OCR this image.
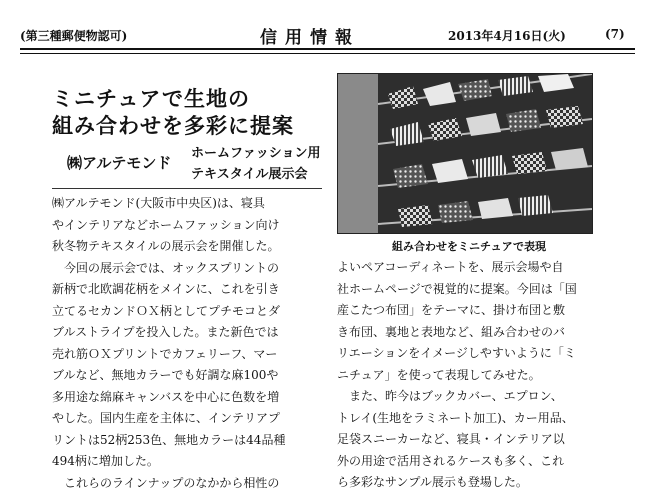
(第三種郵便物認可)	信用情報	2013年4月16日(火)	(7)
ミニチュアで生地の
組み合わせを多彩に提案
㈱アルテモンド
ホームファッション用
テキスタイル展示会
㈱アルテモンド(大阪市中央区)は、寝具
やインテリアなどホームファッション向け
秋冬物テキスタイルの展示会を開催した。
今回の展示会では、オックスプリントの
新柄で北欧調花柄をメインに、これを引き
立てるセカンドＯＸ柄としてプチモコとダ
ブルストライプを投入した。また新色では
売れ筋ＯＸプリントでカフェリーフ、マー
ブルなど、無地カラーでも好調な麻100や
多用途な綿麻キャンバスを中心に色数を増
やした。国内生産を主体に、インテリアプ
リントは52柄253色、無地カラーは44品種
494柄に増加した。
これらのラインナップのなかから相性の
組み合わせをミニチュアで表現
よいペアコーディネートを、展示会場や自
社ホームページで視覚的に提案。今回は「国
産こたつ布団」をテーマに、掛け布団と敷
き布団、裏地と表地など、組み合わせのバ
リエーションをイメージしやすいように「ミ
ニチュア」を使って表現してみせた。
また、昨今はブックカバー、エプロン、
トレイ(生地をラミネート加工)、カー用品、
足袋スニーカーなど、寝具・インテリア以
外の用途で活用されるケースも多く、これ
ら多彩なサンプル展示も登場した。
